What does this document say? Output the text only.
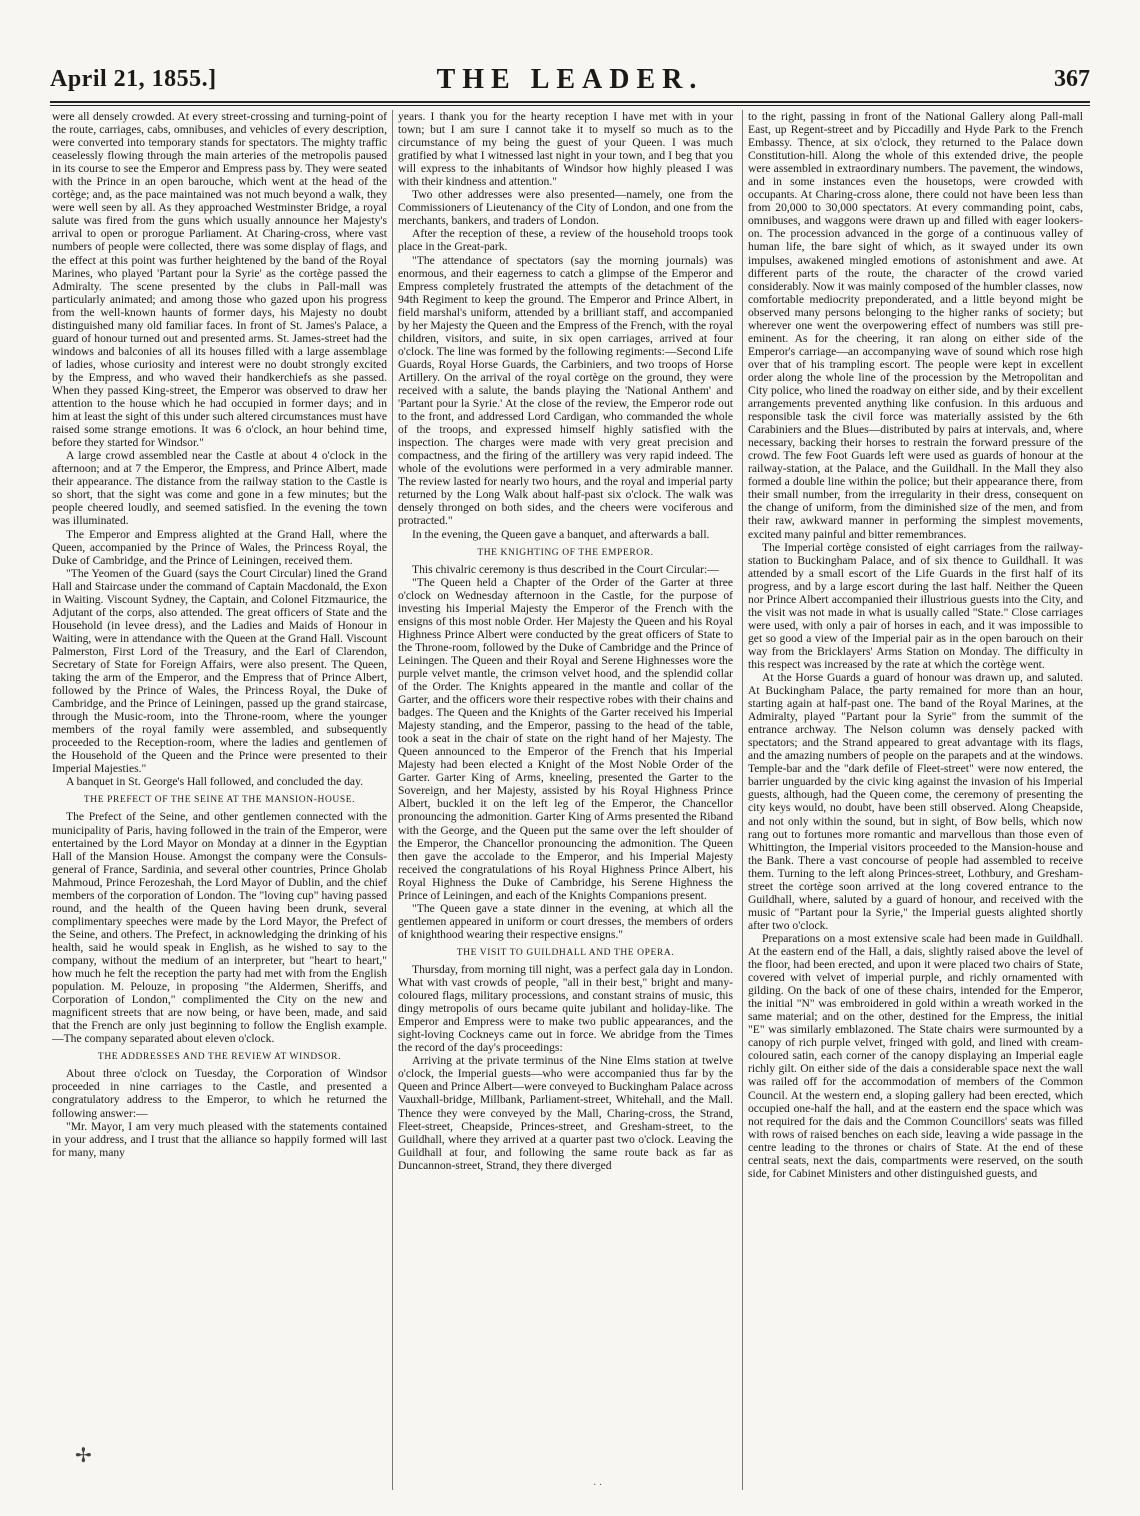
April 21, 1855.]	THE LEADER.	367

were all densely crowded. At every street-crossing and turning-point of the route, carriages, cabs, omnibuses, and vehicles of every description, were converted into temporary stands for spectators. The mighty traffic ceaselessly flowing through the main arteries of the metropolis paused in its course to see the Emperor and Empress pass by. They were seated with the Prince in an open barouche, which went at the head of the cortège; and, as the pace maintained was not much beyond a walk, they were well seen by all. As they approached Westminster Bridge, a royal salute was fired from the guns which usually announce her Majesty's arrival to open or prorogue Parliament. At Charing-cross, where vast numbers of people were collected, there was some display of flags, and the effect at this point was further heightened by the band of the Royal Marines, who played 'Partant pour la Syrie' as the cortège passed the Admiralty. The scene presented by the clubs in Pall-mall was particularly animated; and among those who gazed upon his progress from the well-known haunts of former days, his Majesty no doubt distinguished many old familiar faces. In front of St. James's Palace, a guard of honour turned out and presented arms. St. James-street had the windows and balconies of all its houses filled with a large assemblage of ladies, whose curiosity and interest were no doubt strongly excited by the Empress, and who waved their handkerchiefs as she passed. When they passed King-street, the Emperor was observed to draw her attention to the house which he had occupied in former days; and in him at least the sight of this under such altered circumstances must have raised some strange emotions. It was 6 o'clock, an hour behind time, before they started for Windsor."

A large crowd assembled near the Castle at about 4 o'clock in the afternoon; and at 7 the Emperor, the Empress, and Prince Albert, made their appearance. The distance from the railway station to the Castle is so short, that the sight was come and gone in a few minutes; but the people cheered loudly, and seemed satisfied. In the evening the town was illuminated.

The Emperor and Empress alighted at the Grand Hall, where the Queen, accompanied by the Prince of Wales, the Princess Royal, the Duke of Cambridge, and the Prince of Leiningen, received them.

"The Yeomen of the Guard (says the Court Circular) lined the Grand Hall and Staircase under the command of Captain Macdonald, the Exon in Waiting. Viscount Sydney, the Captain, and Colonel Fitzmaurice, the Adjutant of the corps, also attended. The great officers of State and the Household (in levee dress), and the Ladies and Maids of Honour in Waiting, were in attendance with the Queen at the Grand Hall. Viscount Palmerston, First Lord of the Treasury, and the Earl of Clarendon, Secretary of State for Foreign Affairs, were also present. The Queen, taking the arm of the Emperor, and the Empress that of Prince Albert, followed by the Prince of Wales, the Princess Royal, the Duke of Cambridge, and the Prince of Leiningen, passed up the grand staircase, through the Music-room, into the Throne-room, where the younger members of the royal family were assembled, and subsequently proceeded to the Reception-room, where the ladies and gentlemen of the Household of the Queen and the Prince were presented to their Imperial Majesties."

A banquet in St. George's Hall followed, and concluded the day.

THE PREFECT OF THE SEINE AT THE MANSION-HOUSE.

The Prefect of the Seine, and other gentlemen connected with the municipality of Paris, having followed in the train of the Emperor, were entertained by the Lord Mayor on Monday at a dinner in the Egyptian Hall of the Mansion House. Amongst the company were the Consuls-general of France, Sardinia, and several other countries, Prince Gholab Mahmoud, Prince Ferozeshah, the Lord Mayor of Dublin, and the chief members of the corporation of London. The "loving cup" having passed round, and the health of the Queen having been drunk, several complimentary speeches were made by the Lord Mayor, the Prefect of the Seine, and others. The Prefect, in acknowledging the drinking of his health, said he would speak in English, as he wished to say to the company, without the medium of an interpreter, but "heart to heart," how much he felt the reception the party had met with from the English population. M. Pelouze, in proposing "the Aldermen, Sheriffs, and Corporation of London," complimented the City on the new and magnificent streets that are now being, or have been, made, and said that the French are only just beginning to follow the English example.—The company separated about eleven o'clock.

THE ADDRESSES AND THE REVIEW AT WINDSOR.

About three o'clock on Tuesday, the Corporation of Windsor proceeded in nine carriages to the Castle, and presented a congratulatory address to the Emperor, to which he returned the following answer:—

"Mr. Mayor, I am very much pleased with the statements contained in your address, and I trust that the alliance so happily formed will last for many, many

years. I thank you for the hearty reception I have met with in your town; but I am sure I cannot take it to myself so much as to the circumstance of my being the guest of your Queen. I was much gratified by what I witnessed last night in your town, and I beg that you will express to the inhabitants of Windsor how highly pleased I was with their kindness and attention."

Two other addresses were also presented—namely, one from the Commissioners of Lieutenancy of the City of London, and one from the merchants, bankers, and traders of London.

After the reception of these, a review of the household troops took place in the Great-park.

"The attendance of spectators (say the morning journals) was enormous, and their eagerness to catch a glimpse of the Emperor and Empress completely frustrated the attempts of the detachment of the 94th Regiment to keep the ground. The Emperor and Prince Albert, in field marshal's uniform, attended by a brilliant staff, and accompanied by her Majesty the Queen and the Empress of the French, with the royal children, visitors, and suite, in six open carriages, arrived at four o'clock. The line was formed by the following regiments:—Second Life Guards, Royal Horse Guards, the Carbiniers, and two troops of Horse Artillery. On the arrival of the royal cortège on the ground, they were received with a salute, the bands playing the 'National Anthem' and 'Partant pour la Syrie.' At the close of the review, the Emperor rode out to the front, and addressed Lord Cardigan, who commanded the whole of the troops, and expressed himself highly satisfied with the inspection. The charges were made with very great precision and compactness, and the firing of the artillery was very rapid indeed. The whole of the evolutions were performed in a very admirable manner. The review lasted for nearly two hours, and the royal and imperial party returned by the Long Walk about half-past six o'clock. The walk was densely thronged on both sides, and the cheers were vociferous and protracted."

In the evening, the Queen gave a banquet, and afterwards a ball.

THE KNIGHTING OF THE EMPEROR.

This chivalric ceremony is thus described in the Court Circular:—

"The Queen held a Chapter of the Order of the Garter at three o'clock on Wednesday afternoon in the Castle, for the purpose of investing his Imperial Majesty the Emperor of the French with the ensigns of this most noble Order. Her Majesty the Queen and his Royal Highness Prince Albert were conducted by the great officers of State to the Throne-room, followed by the Duke of Cambridge and the Prince of Leiningen. The Queen and their Royal and Serene Highnesses wore the purple velvet mantle, the crimson velvet hood, and the splendid collar of the Order. The Knights appeared in the mantle and collar of the Garter, and the officers wore their respective robes with their chains and badges. The Queen and the Knights of the Garter received his Imperial Majesty standing, and the Emperor, passing to the head of the table, took a seat in the chair of state on the right hand of her Majesty. The Queen announced to the Emperor of the French that his Imperial Majesty had been elected a Knight of the Most Noble Order of the Garter. Garter King of Arms, kneeling, presented the Garter to the Sovereign, and her Majesty, assisted by his Royal Highness Prince Albert, buckled it on the left leg of the Emperor, the Chancellor pronouncing the admonition. Garter King of Arms presented the Riband with the George, and the Queen put the same over the left shoulder of the Emperor, the Chancellor pronouncing the admonition. The Queen then gave the accolade to the Emperor, and his Imperial Majesty received the congratulations of his Royal Highness Prince Albert, his Royal Highness the Duke of Cambridge, his Serene Highness the Prince of Leiningen, and each of the Knights Companions present.

"The Queen gave a state dinner in the evening, at which all the gentlemen appeared in uniform or court dresses, the members of orders of knighthood wearing their respective ensigns."

THE VISIT TO GUILDHALL AND THE OPERA.

Thursday, from morning till night, was a perfect gala day in London. What with vast crowds of people, "all in their best," bright and many-coloured flags, military processions, and constant strains of music, this dingy metropolis of ours became quite jubilant and holiday-like. The Emperor and Empress were to make two public appearances, and the sight-loving Cockneys came out in force. We abridge from the Times the record of the day's proceedings:

Arriving at the private terminus of the Nine Elms station at twelve o'clock, the Imperial guests—who were accompanied thus far by the Queen and Prince Albert—were conveyed to Buckingham Palace across Vauxhall-bridge, Millbank, Parliament-street, Whitehall, and the Mall. Thence they were conveyed by the Mall, Charing-cross, the Strand, Fleet-street, Cheapside, Princes-street, and Gresham-street, to the Guildhall, where they arrived at a quarter past two o'clock. Leaving the Guildhall at four, and following the same route back as far as Duncannon-street, Strand, they there diverged

to the right, passing in front of the National Gallery along Pall-mall East, up Regent-street and by Piccadilly and Hyde Park to the French Embassy. Thence, at six o'clock, they returned to the Palace down Constitution-hill. Along the whole of this extended drive, the people were assembled in extraordinary numbers. The pavement, the windows, and in some instances even the housetops, were crowded with occupants. At Charing-cross alone, there could not have been less than from 20,000 to 30,000 spectators. At every commanding point, cabs, omnibuses, and waggons were drawn up and filled with eager lookers-on. The procession advanced in the gorge of a continuous valley of human life, the bare sight of which, as it swayed under its own impulses, awakened mingled emotions of astonishment and awe. At different parts of the route, the character of the crowd varied considerably. Now it was mainly composed of the humbler classes, now comfortable mediocrity preponderated, and a little beyond might be observed many persons belonging to the higher ranks of society; but wherever one went the overpowering effect of numbers was still pre-eminent. As for the cheering, it ran along on either side of the Emperor's carriage—an accompanying wave of sound which rose high over that of his trampling escort. The people were kept in excellent order along the whole line of the procession by the Metropolitan and City police, who lined the roadway on either side, and by their excellent arrangements prevented anything like confusion. In this arduous and responsible task the civil force was materially assisted by the 6th Carabiniers and the Blues—distributed by pairs at intervals, and, where necessary, backing their horses to restrain the forward pressure of the crowd. The few Foot Guards left were used as guards of honour at the railway-station, at the Palace, and the Guildhall. In the Mall they also formed a double line within the police; but their appearance there, from their small number, from the irregularity in their dress, consequent on the change of uniform, from the diminished size of the men, and from their raw, awkward manner in performing the simplest movements, excited many painful and bitter remembrances.

The Imperial cortège consisted of eight carriages from the railway-station to Buckingham Palace, and of six thence to Guildhall. It was attended by a small escort of the Life Guards in the first half of its progress, and by a large escort during the last half. Neither the Queen nor Prince Albert accompanied their illustrious guests into the City, and the visit was not made in what is usually called "State." Close carriages were used, with only a pair of horses in each, and it was impossible to get so good a view of the Imperial pair as in the open barouch on their way from the Bricklayers' Arms Station on Monday. The difficulty in this respect was increased by the rate at which the cortège went.

At the Horse Guards a guard of honour was drawn up, and saluted. At Buckingham Palace, the party remained for more than an hour, starting again at half-past one. The band of the Royal Marines, at the Admiralty, played "Partant pour la Syrie" from the summit of the entrance archway. The Nelson column was densely packed with spectators; and the Strand appeared to great advantage with its flags, and the amazing numbers of people on the parapets and at the windows. Temple-bar and the "dark defile of Fleet-street" were now entered, the barrier unguarded by the civic king against the invasion of his Imperial guests, although, had the Queen come, the ceremony of presenting the city keys would, no doubt, have been still observed. Along Cheapside, and not only within the sound, but in sight, of Bow bells, which now rang out to fortunes more romantic and marvellous than those even of Whittington, the Imperial visitors proceeded to the Mansion-house and the Bank. There a vast concourse of people had assembled to receive them. Turning to the left along Princes-street, Lothbury, and Gresham-street the cortège soon arrived at the long covered entrance to the Guildhall, where, saluted by a guard of honour, and received with the music of "Partant pour la Syrie," the Imperial guests alighted shortly after two o'clock.

Preparations on a most extensive scale had been made in Guildhall. At the eastern end of the Hall, a dais, slightly raised above the level of the floor, had been erected, and upon it were placed two chairs of State, covered with velvet of imperial purple, and richly ornamented with gilding. On the back of one of these chairs, intended for the Emperor, the initial "N" was embroidered in gold within a wreath worked in the same material; and on the other, destined for the Empress, the initial "E" was similarly emblazoned. The State chairs were surmounted by a canopy of rich purple velvet, fringed with gold, and lined with cream-coloured satin, each corner of the canopy displaying an Imperial eagle richly gilt. On either side of the dais a considerable space next the wall was railed off for the accommodation of members of the Common Council. At the western end, a sloping gallery had been erected, which occupied one-half the hall, and at the eastern end the space which was not required for the dais and the Common Councillors' seats was filled with rows of raised benches on each side, leaving a wide passage in the centre leading to the thrones or chairs of State. At the end of these central seats, next the dais, compartments were reserved, on the south side, for Cabinet Ministers and other distinguished guests, and

✢
· ·
